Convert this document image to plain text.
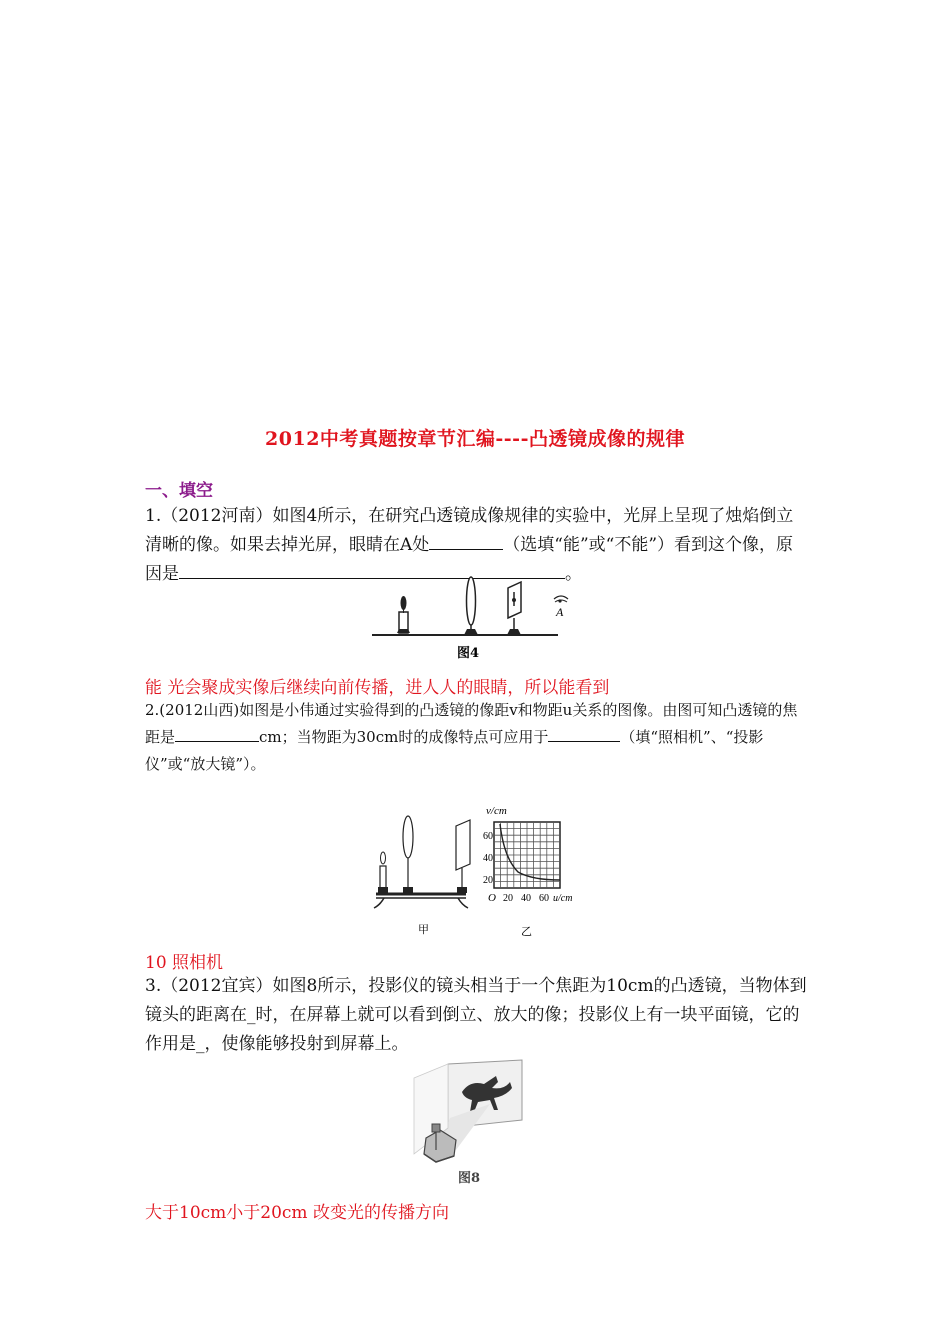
2012中考真题按章节汇编----凸透镜成像的规律
一、填空
1.（2012河南）如图4所示，在研究凸透镜成像规律的实验中，光屏上呈现了烛焰倒立清晰的像。如果去掉光屏，眼睛在A处	（选填“能”或“不能”）看到这个像，原因是	。
A
图4
能 光会聚成实像后继续向前传播，进人人的眼睛，所以能看到
2.(2012山西)如图是小伟通过实验得到的凸透镜的像距v和物距u关系的图像。由图可知凸透镜的焦距是	cm；当物距为30cm时的成像特点可应用于	（填“照相机”、“投影仪”或“放大镜”）。
v/cm
60
40
20
O 20 40 60 u/cm
甲	乙
10 照相机
3.（2012宜宾）如图8所示，投影仪的镜头相当于一个焦距为10cm的凸透镜，当物体到镜头的距离在_时，在屏幕上就可以看到倒立、放大的像；投影仪上有一块平面镜，它的作用是_，使像能够投射到屏幕上。
图8
大于10cm小于20cm 改变光的传播方向
